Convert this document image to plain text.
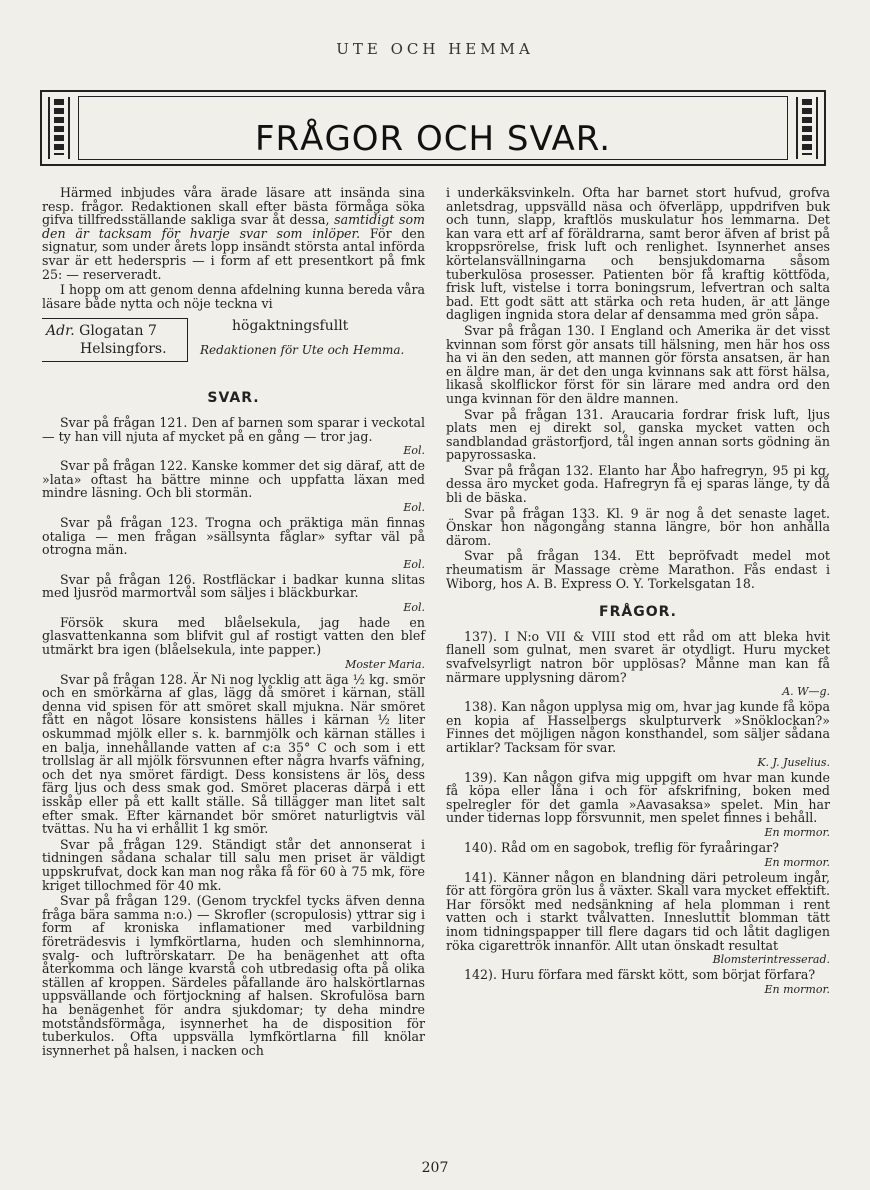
UTE OCH HEMMA
FRÅGOR OCH SVAR.

Härmed inbjudes våra ärade läsare att insända sina resp. frågor. Redaktionen skall efter bästa förmåga söka gifva tillfredsställande sakliga svar åt dessa, samtidigt som den är tacksam för hvarje svar som inlöper. För den signatur, som under årets lopp insändt största antal införda svar är ett hederspris — i form af ett presentkort på fmk 25: — reserveradt.

I hopp om att genom denna afdelning kunna bereda våra läsare både nytta och nöje teckna vi

Adr. Glogatan 7
Helsingfors.
högaktningsfullt
Redaktionen för Ute och Hemma.
SVAR.

Svar på frågan 121. Den af barnen som sparar i veckotal — ty han vill njuta af mycket på en gång — tror jag.

Eol.

Svar på frågan 122. Kanske kommer det sig däraf, att de »lata» oftast ha bättre minne och uppfatta läxan med mindre läsning. Och bli stormän.

Eol.

Svar på frågan 123. Trogna och präktiga män finnas otaliga — men frågan »sällsynta fåglar» syftar väl på otrogna män.

Eol.

Svar på frågan 126. Rostfläckar i badkar kunna slitas med ljusröd marmortvål som säljes i bläckburkar.

Eol.

Försök skura med blåelsekula, jag hade en glasvattenkanna som blifvit gul af rostigt vatten den blef utmärkt bra igen (blåelsekula, inte papper.)

Moster Maria.

Svar på frågan 128. Är Ni nog lycklig att äga ½ kg. smör och en smörkärna af glas, lägg då smöret i kärnan, ställ denna vid spisen för att smöret skall mjukna. När smöret fått en något lösare konsistens hälles i kärnan ½ liter oskummad mjölk eller s. k. barnmjölk och kärnan ställes i en balja, innehållande vatten af c:a 35° C och som i ett trollslag är all mjölk försvunnen efter några hvarfs väfning, och det nya smöret färdigt. Dess konsistens är lös, dess färg ljus och dess smak god. Smöret placeras därpå i ett isskåp eller på ett kallt ställe. Så tillägger man litet salt efter smak. Efter kärnandet bör smöret naturligtvis väl tvättas. Nu ha vi erhållit 1 kg smör.

Svar på frågan 129. Ständigt står det annonserat i tidningen sådana schalar till salu men priset är väldigt uppskrufvat, dock kan man nog råka få för 60 à 75 mk, före kriget tillochmed för 40 mk.

Svar på frågan 129. (Genom tryckfel tycks äfven denna fråga bära samma n:o.) — Skrofler (scropulosis) yttrar sig i form af kroniska inflamationer med varbildning företrädesvis i lymfkörtlarna, huden och slemhinnorna, svalg- och luftrörskatarr. De ha benägenhet att ofta återkomma och länge kvarstå coh utbredasig ofta på olika ställen af kroppen. Särdeles påfallande äro halskörtlarnas uppsvällande och förtjockning af halsen. Skrofulösa barn ha benägenhet för andra sjukdomar; ty deha mindre motståndsförmåga, isynnerhet ha de disposition för tuberkulos. Ofta uppsvälla lymfkörtlarna fill knölar isynnerhet på halsen, i nacken och

i underkäksvinkeln. Ofta har barnet stort hufvud, grofva anletsdrag, uppsvälld näsa och öfverläpp, uppdrifven buk och tunn, slapp, kraftlös muskulatur hos lemmarna. Det kan vara ett arf af föräldrarna, samt beror äfven af brist på kroppsrörelse, frisk luft och renlighet. Isynnerhet anses körtelansvällningarna och bensjukdomarna såsom tuberkulösa prosesser. Patienten bör få kraftig köttföda, frisk luft, vistelse i torra boningsrum, lefvertran och salta bad. Ett godt sätt att stärka och reta huden, är att länge dagligen ingnida stora delar af densamma med grön såpa.

Svar på frågan 130. I England och Amerika är det visst kvinnan som först gör ansats till hälsning, men här hos oss ha vi än den seden, att mannen gör första ansatsen, är han en äldre man, är det den unga kvinnans sak att först hälsa, likaså skolflickor först för sin lärare med andra ord den unga kvinnan för den äldre mannen.

Svar på frågan 131. Araucaria fordrar frisk luft, ljus plats men ej direkt sol, ganska mycket vatten och sandblandad grästorfjord, tål ingen annan sorts gödning än papyrossaska.

Svar på frågan 132. Elanto har Åbo hafregryn, 95 pi kg, dessa äro mycket goda. Hafregryn få ej sparas länge, ty då bli de bäska.

Svar på frågan 133. Kl. 9 är nog å det senaste laget. Önskar hon någongång stanna längre, bör hon anhålla därom.

Svar på frågan 134. Ett bepröfvadt medel mot rheumatism är Massage crème Marathon. Fås endast i Wiborg, hos A. B. Express O. Y. Torkelsgatan 18.

FRÅGOR.

137). I N:o VII & VIII stod ett råd om att bleka hvit flanell som gulnat, men svaret är otydligt. Huru mycket svafvelsyrligt natron bör upplösas? Månne man kan få närmare upplysning därom?

A. W—g.

138). Kan någon upplysa mig om, hvar jag kunde få köpa en kopia af Hasselbergs skulpturverk »Snöklockan?» Finnes det möjligen någon konsthandel, som säljer sådana artiklar? Tacksam för svar.

K. J. Juselius.

139). Kan någon gifva mig uppgift om hvar man kunde få köpa eller låna i och för afskrifning, boken med spelregler för det gamla »Aavasaksa» spelet. Min har under tidernas lopp försvunnit, men spelet finnes i behåll.

En mormor.

140). Råd om en sagobok, treflig för fyraåringar?

En mormor.

141). Känner någon en blandning däri petroleum ingår, för att förgöra grön lus å växter. Skall vara mycket effektift. Har försökt med nedsänkning af hela plomman i rent vatten och i starkt tvålvatten. Innesluttit blomman tätt inom tidningspapper till flere dagars tid och låtit dagligen röka cigarettrök innanför. Allt utan önskadt resultat

Blomsterintresserad.

142). Huru förfara med färskt kött, som börjat förfara?

En mormor.
207
